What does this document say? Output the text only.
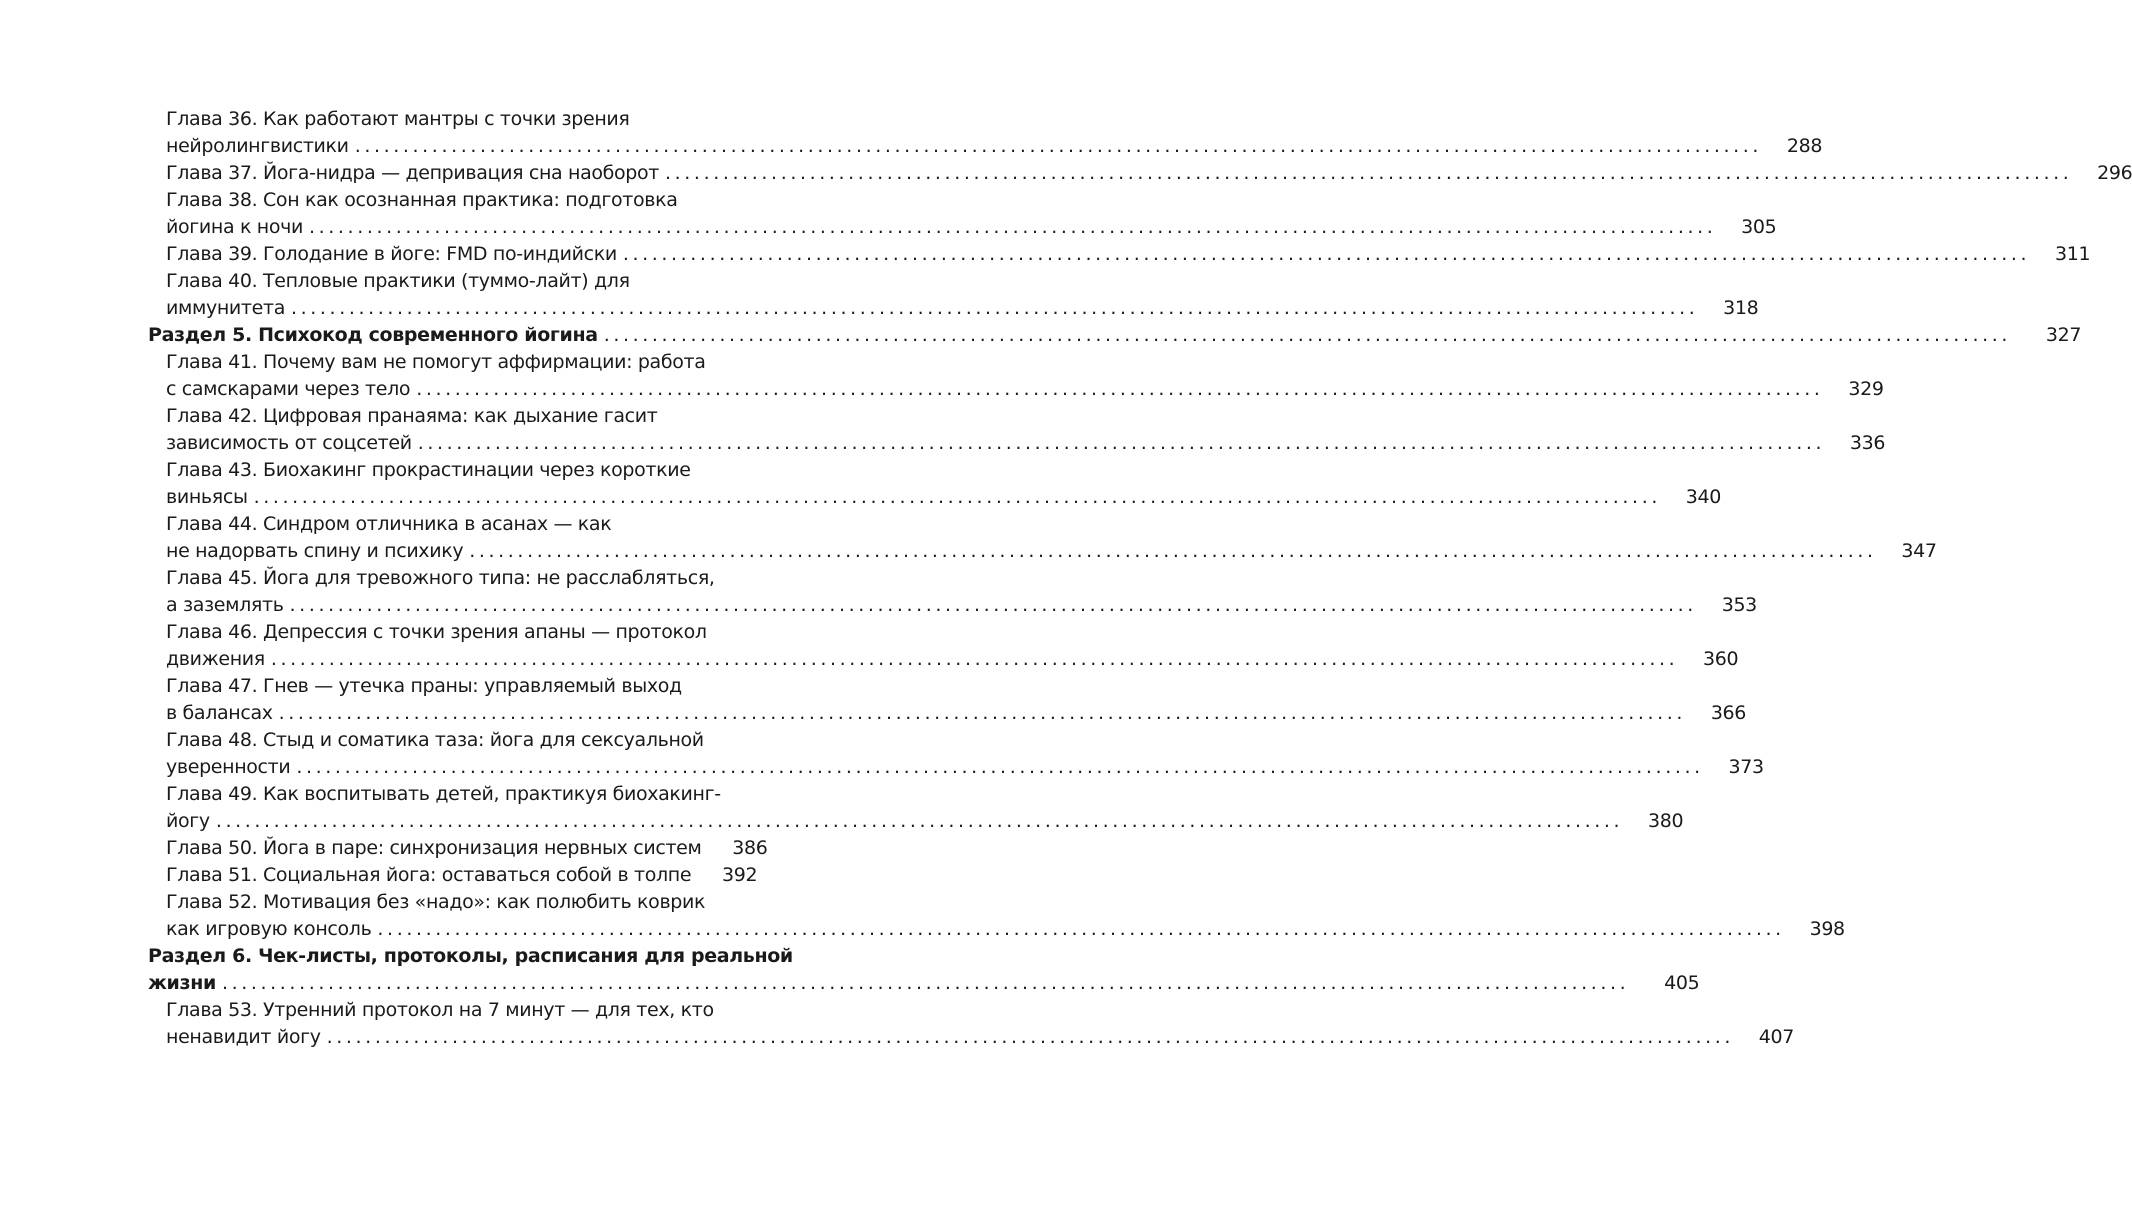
Глава 36. Как работают мантры с точки зрения
нейролингвистики ..................................................................................................................................................	288
Глава 37. Йога-нидра — депривация сна наоборот ..................................................................................................................................................	296
Глава 38. Сон как осознанная практика: подготовка
йогина к ночи ..................................................................................................................................................	305
Глава 39. Голодание в йоге: FMD по-индийски ..................................................................................................................................................	311
Глава 40. Тепловые практики (туммо-лайт) для
иммунитета ..................................................................................................................................................	318
Раздел 5. Психокод современного йогина ..................................................................................................................................................	327
Глава 41. Почему вам не помогут аффирмации: работа
с самскарами через тело ..................................................................................................................................................	329
Глава 42. Цифровая пранаяма: как дыхание гасит
зависимость от соцсетей ..................................................................................................................................................	336
Глава 43. Биохакинг прокрастинации через короткие
виньясы ..................................................................................................................................................	340
Глава 44. Синдром отличника в асанах — как
не надорвать спину и психику ..................................................................................................................................................	347
Глава 45. Йога для тревожного типа: не расслабляться,
а заземлять ..................................................................................................................................................	353
Глава 46. Депрессия с точки зрения апаны — протокол
движения ..................................................................................................................................................	360
Глава 47. Гнев — утечка праны: управляемый выход
в балансах ..................................................................................................................................................	366
Глава 48. Стыд и соматика таза: йога для сексуальной
уверенности ..................................................................................................................................................	373
Глава 49. Как воспитывать детей, практикуя биохакинг-
йогу ..................................................................................................................................................	380
Глава 50. Йога в паре: синхронизация нервных систем	386
Глава 51. Социальная йога: оставаться собой в толпе	392
Глава 52. Мотивация без «надо»: как полюбить коврик
как игровую консоль ..................................................................................................................................................	398
Раздел 6. Чек-листы, протоколы, расписания для реальной
жизни ..................................................................................................................................................	405
Глава 53. Утренний протокол на 7 минут — для тех, кто
ненавидит йогу ..................................................................................................................................................	407
